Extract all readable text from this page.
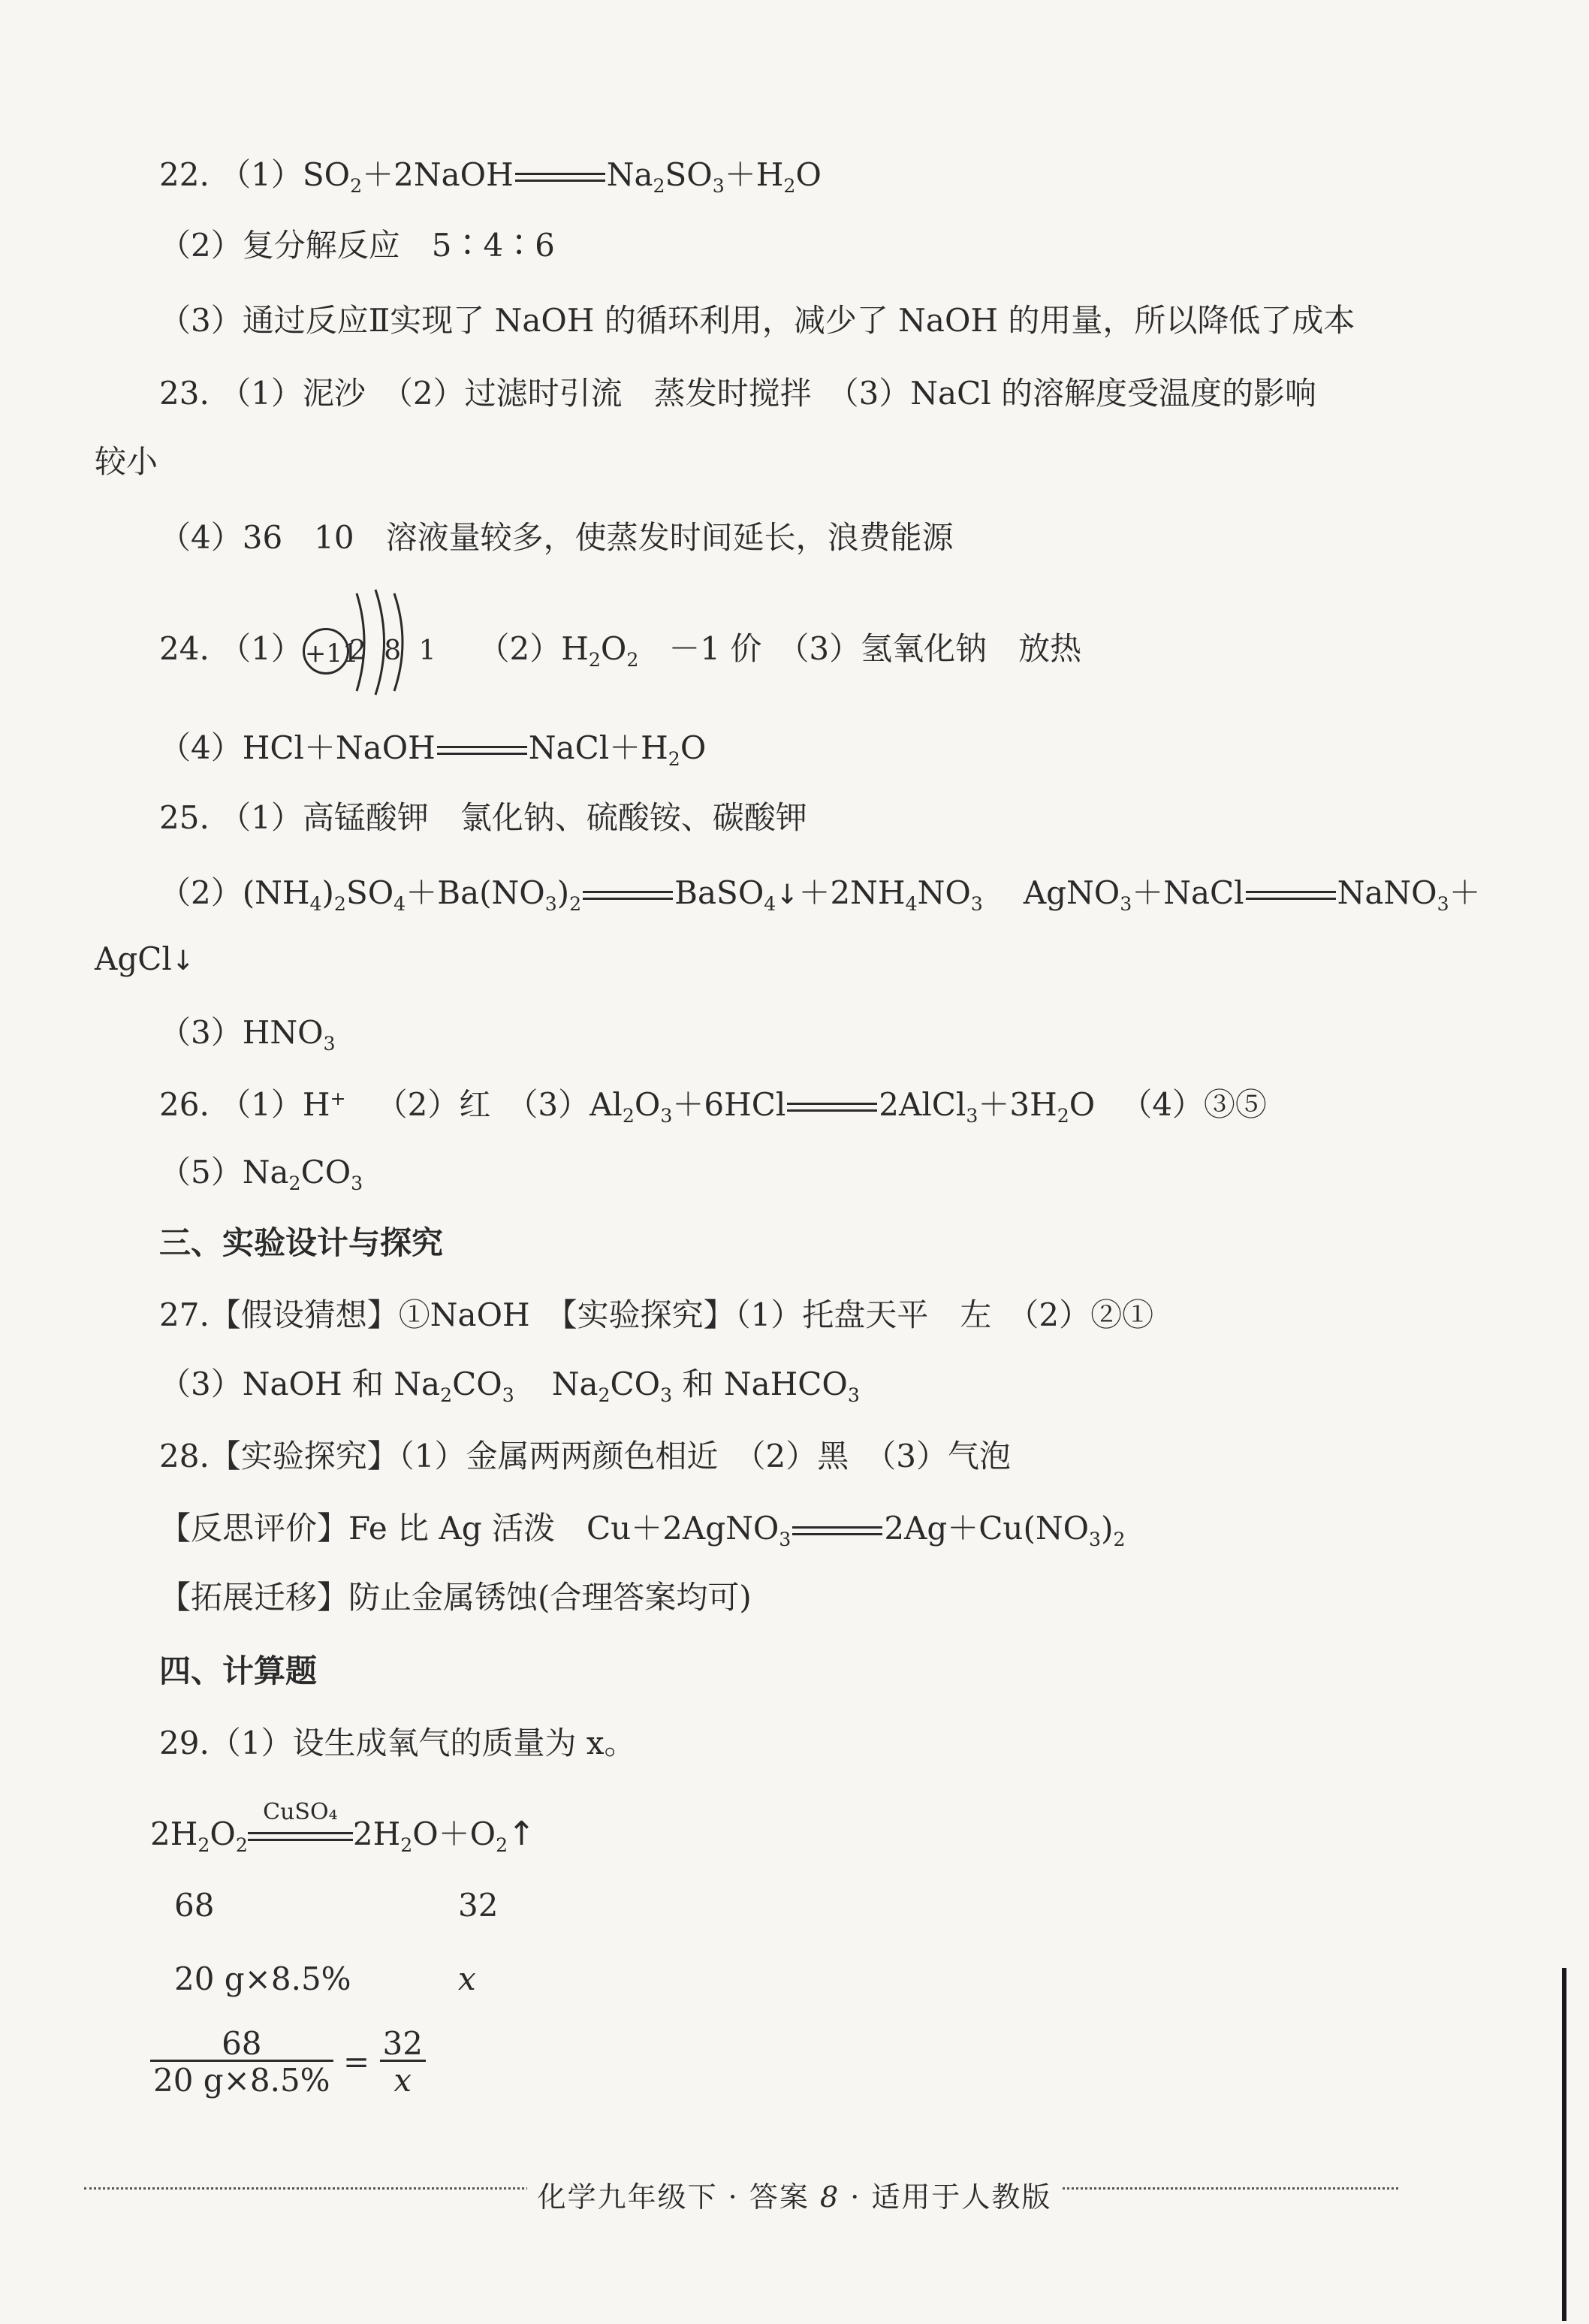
22. $(1)SO_2+2NaOH$	$Na_2SO_3+H_2O$
（2）复分解反应　5∶4∶6
（3）通过反应Ⅱ实现了 NaOH 的循环利用，减少了 NaOH 的用量，所以降低了成本
23. （1）泥沙　（2）过滤时引流　蒸发时搅拌　（3）NaCl 的溶解度受温度的影响
较小
（4）36　10　溶液量较多，使蒸发时间延长，浪费能源
24. （1）+112 8 1 $(2)H_2O_2 -1$ 价　（3）氢氧化钠　放热
（4）HCl＋NaOH	$NaCl+H_2O$
25. （1）高锰酸钾　氯化钠、硫酸铵、碳酸钾
$(2)(NH_4)_2SO_4+Ba(NO_3)_2$	$BaSO_4↓+2NH_4NO_3$ AgNO$_3$＋NaCl	NaNO$_3$＋
AgCl↓
$(3)HNO_3$
26. （1）H+ （2）红　$(3)Al_2O_3+6HCl$	$2AlCl_3+3H_2O$ （4）③⑤
$(5)Na_2CO_3$
三、实验设计与探究
27.【假设猜想】①NaOH　【实验探究】（1）托盘天平　左　（2）②①
（3）NaOH 和 $Na_2CO_3$ $Na_2CO_3$ 和 NaHCO$_3$
28.【实验探究】（1）金属两两颜色相近　（2）黑　（3）气泡
【反思评价】Fe 比 Ag 活泼　Cu＋2AgNO$_3$	$2Ag+Cu(NO_3)_2$
【拓展迁移】防止金属锈蚀(合理答案均可)
四、计算题
29.（1）设生成氧气的质量为 x。
$2H_2O_2$
CuSO₄
$2H_2O+O_2↑$
68	32
20 g×8.5%	x
$\frac{68}{20 g\times 8.5\%} = \frac{32}{x}$
化学九年级下 · 答案 8 · 适用于人教版
